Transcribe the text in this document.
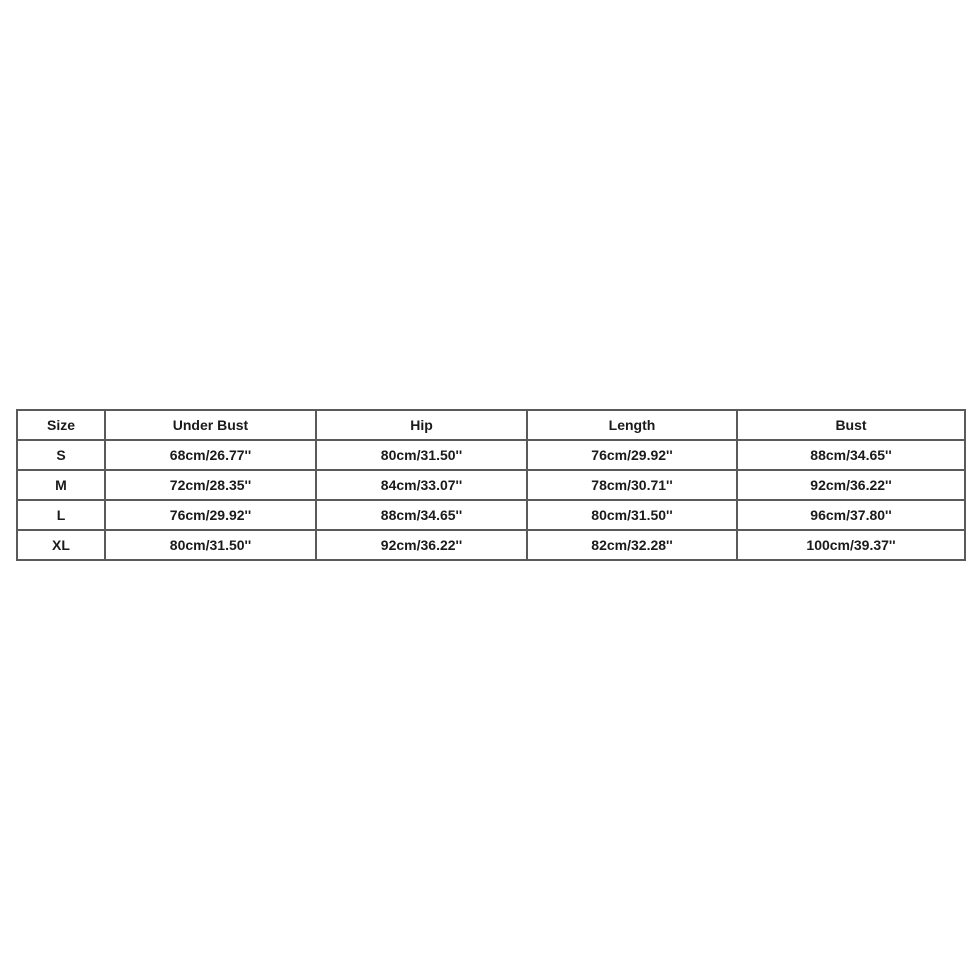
Size	Under Bust	Hip	Length	Bust
S	68cm/26.77''	80cm/31.50''	76cm/29.92''	88cm/34.65''
M	72cm/28.35''	84cm/33.07''	78cm/30.71''	92cm/36.22''
L	76cm/29.92''	88cm/34.65''	80cm/31.50''	96cm/37.80''
XL	80cm/31.50''	92cm/36.22''	82cm/32.28''	100cm/39.37''
